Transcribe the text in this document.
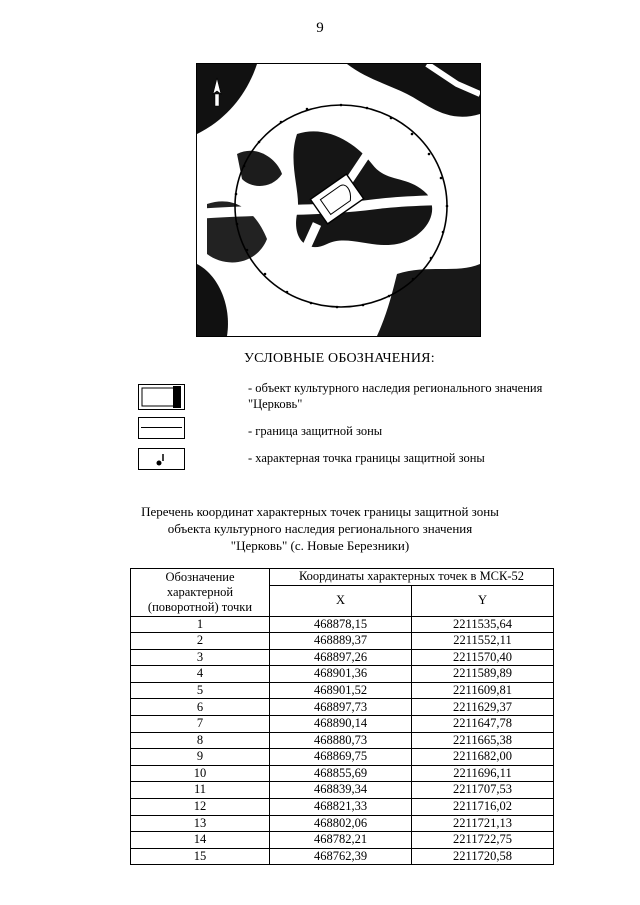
9
УСЛОВНЫЕ ОБОЗНАЧЕНИЯ:
- объект культурного наследия регионального значения "Церковь"
- граница защитной зоны
- характерная точка границы защитной зоны
Перечень координат характерных точек границы защитной зоны
объекта культурного наследия регионального значения
"Церковь" (с. Новые Березники)
Обозначение характерной (поворотной) точки	Координаты характерных точек в МСК-52	
	X	Y
1	468878,15	2211535,64
2	468889,37	2211552,11
3	468897,26	2211570,40
4	468901,36	2211589,89
5	468901,52	2211609,81
6	468897,73	2211629,37
7	468890,14	2211647,78
8	468880,73	2211665,38
9	468869,75	2211682,00
10	468855,69	2211696,11
11	468839,34	2211707,53
12	468821,33	2211716,02
13	468802,06	2211721,13
14	468782,21	2211722,75
15	468762,39	2211720,58
